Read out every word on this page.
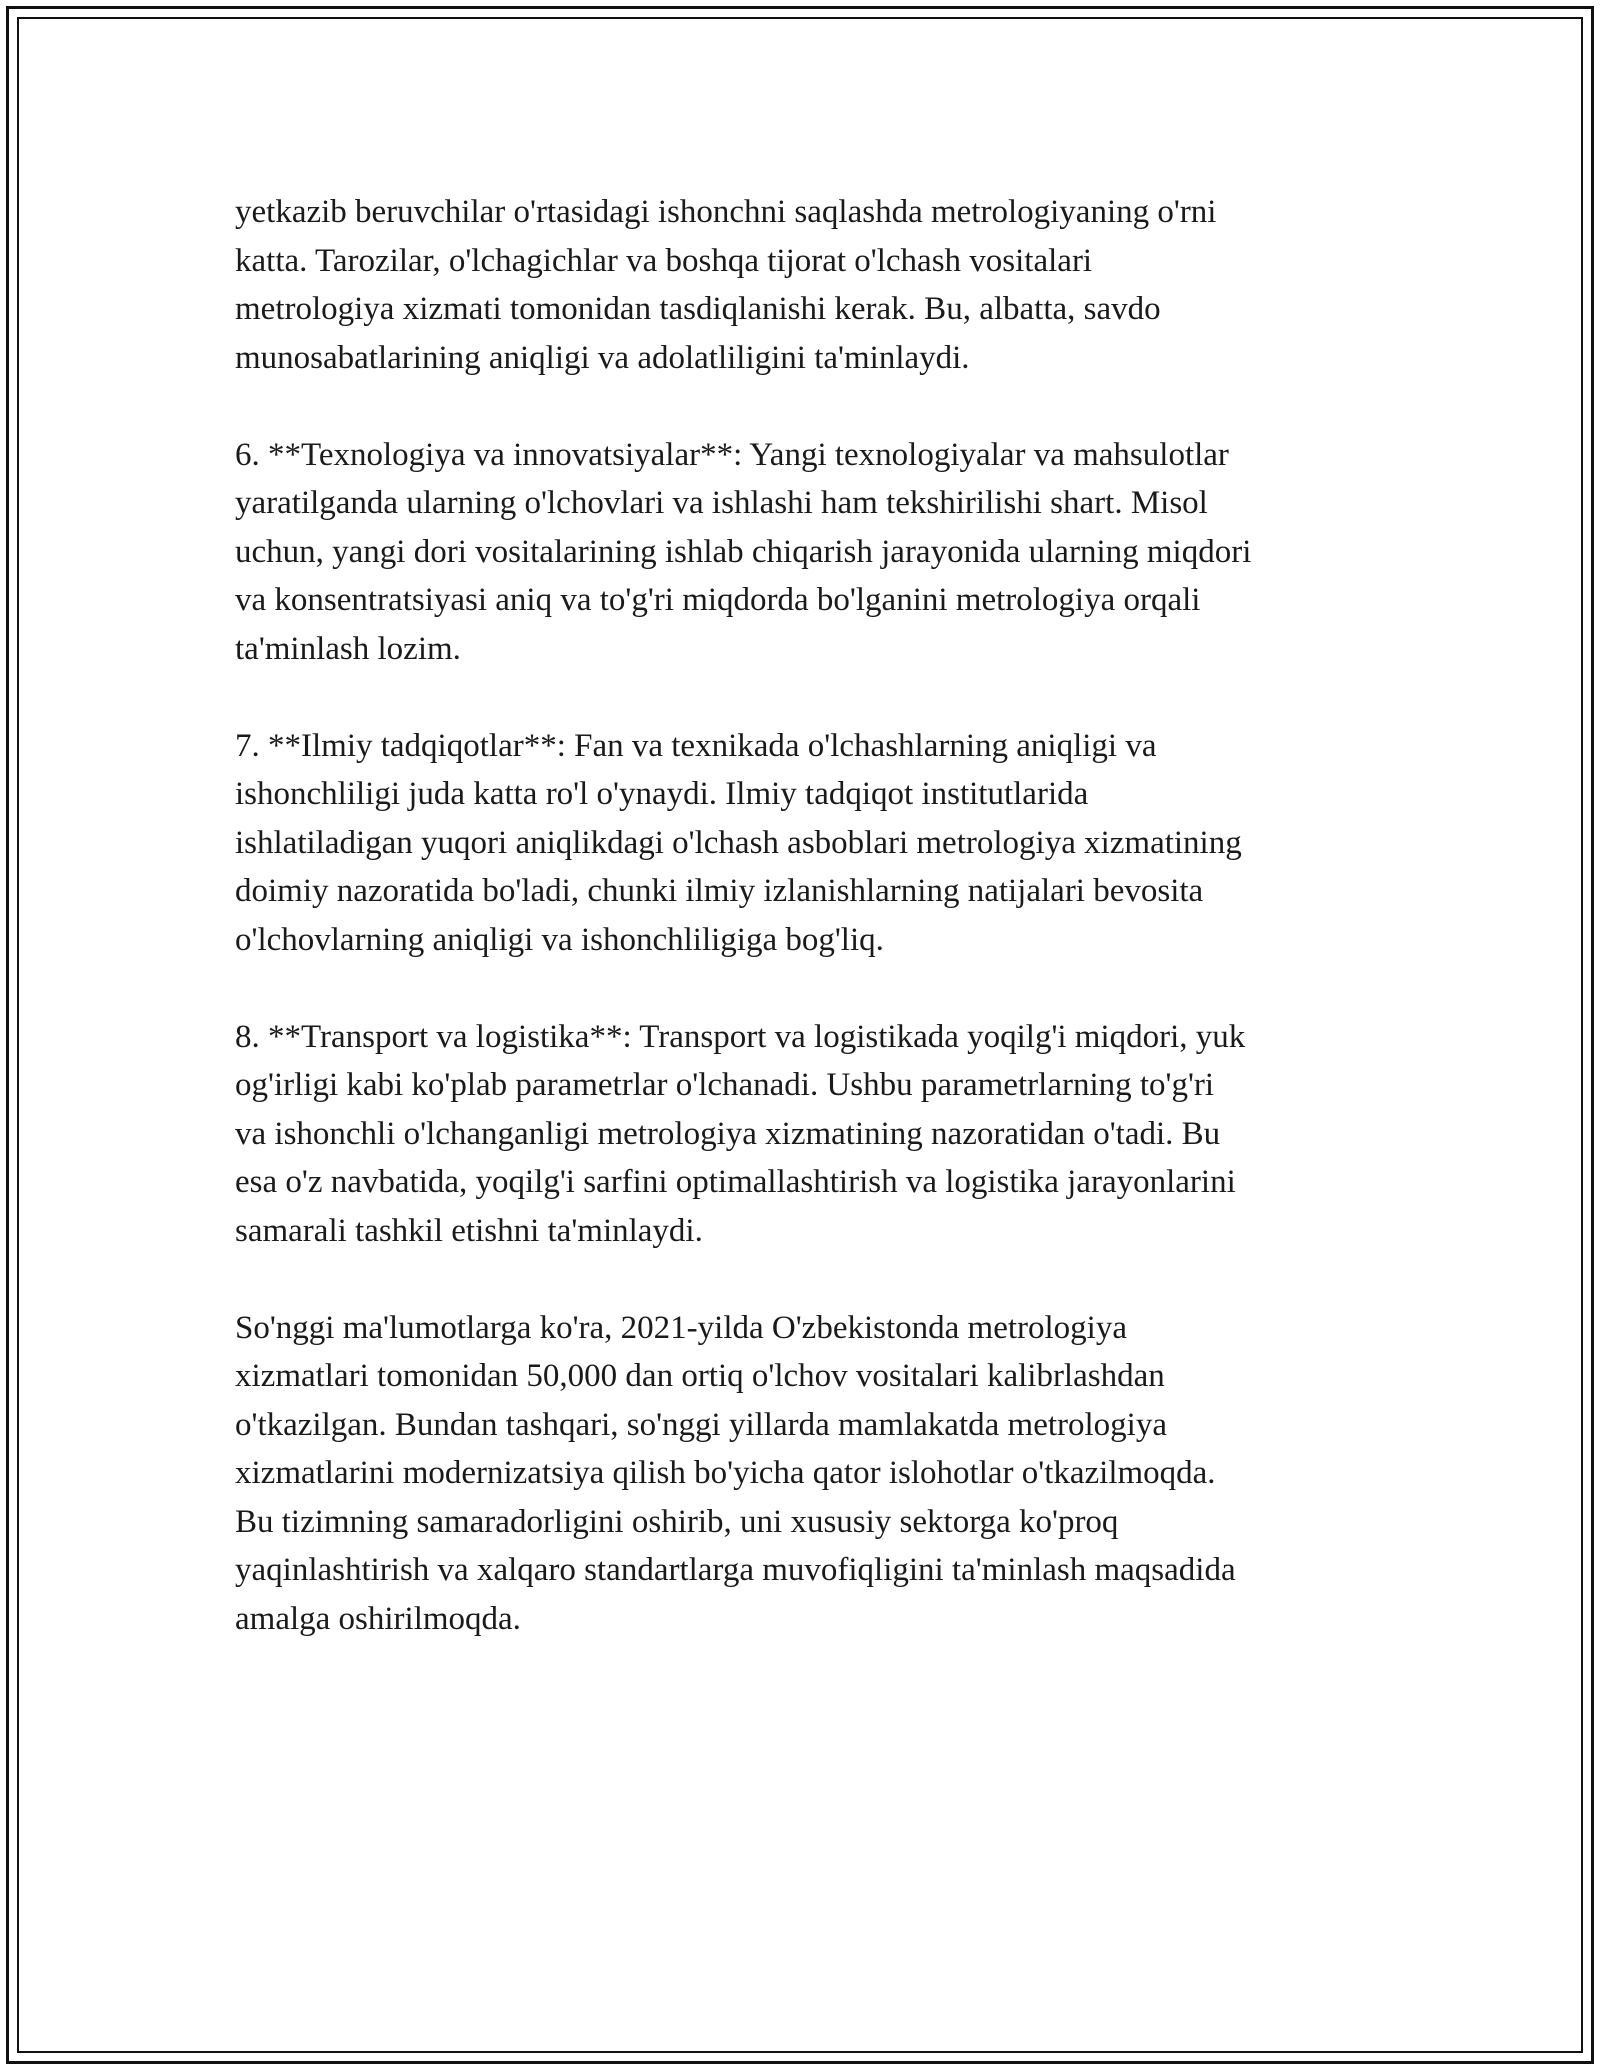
yetkazib beruvchilar o'rtasidagi ishonchni saqlashda metrologiyaning o'rni
katta. Tarozilar, o'lchagichlar va boshqa tijorat o'lchash vositalari
metrologiya xizmati tomonidan tasdiqlanishi kerak. Bu, albatta, savdo
munosabatlarining aniqligi va adolatliligini ta'minlaydi.

6. **Texnologiya va innovatsiyalar**: Yangi texnologiyalar va mahsulotlar
yaratilganda ularning o'lchovlari va ishlashi ham tekshirilishi shart. Misol
uchun, yangi dori vositalarining ishlab chiqarish jarayonida ularning miqdori
va konsentratsiyasi aniq va to'g'ri miqdorda bo'lganini metrologiya orqali
ta'minlash lozim.

7. **Ilmiy tadqiqotlar**: Fan va texnikada o'lchashlarning aniqligi va
ishonchliligi juda katta ro'l o'ynaydi. Ilmiy tadqiqot institutlarida
ishlatiladigan yuqori aniqlikdagi o'lchash asboblari metrologiya xizmatining
doimiy nazoratida bo'ladi, chunki ilmiy izlanishlarning natijalari bevosita
o'lchovlarning aniqligi va ishonchliligiga bog'liq.

8. **Transport va logistika**: Transport va logistikada yoqilg'i miqdori, yuk
og'irligi kabi ko'plab parametrlar o'lchanadi. Ushbu parametrlarning to'g'ri
va ishonchli o'lchanganligi metrologiya xizmatining nazoratidan o'tadi. Bu
esa o'z navbatida, yoqilg'i sarfini optimallashtirish va logistika jarayonlarini
samarali tashkil etishni ta'minlaydi.

So'nggi ma'lumotlarga ko'ra, 2021-yilda O'zbekistonda metrologiya
xizmatlari tomonidan 50,000 dan ortiq o'lchov vositalari kalibrlashdan
o'tkazilgan. Bundan tashqari, so'nggi yillarda mamlakatda metrologiya
xizmatlarini modernizatsiya qilish bo'yicha qator islohotlar o'tkazilmoqda.
Bu tizimning samaradorligini oshirib, uni xususiy sektorga ko'proq
yaqinlashtirish va xalqaro standartlarga muvofiqligini ta'minlash maqsadida
amalga oshirilmoqda.
